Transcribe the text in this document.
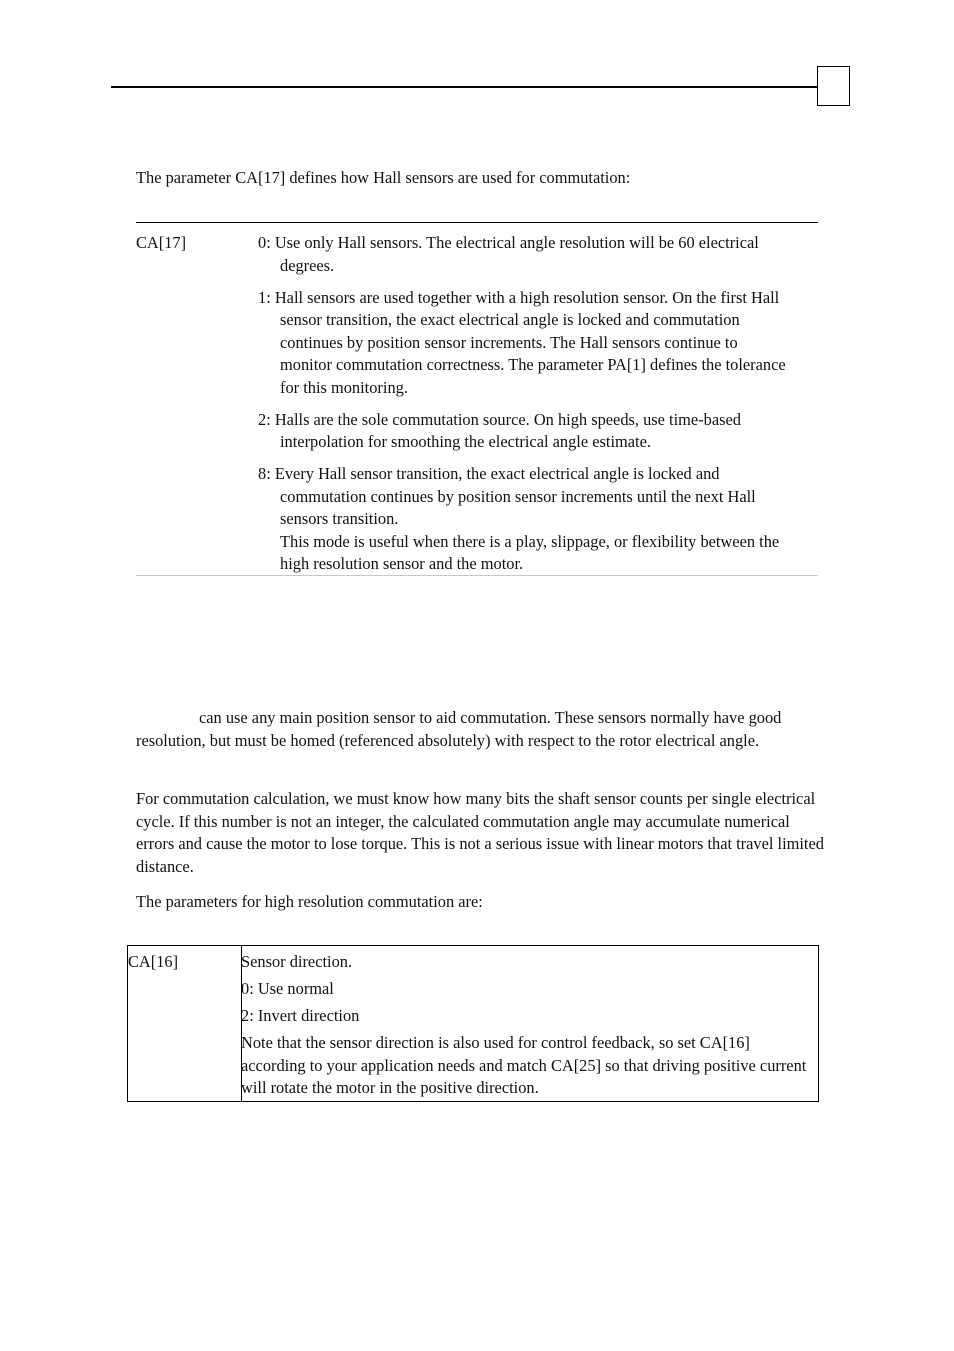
The parameter CA[17] defines how Hall sensors are used for commutation:

CA[17]	0: Use only Hall sensors. The electrical angle resolution will be 60 electrical degrees.

1: Hall sensors are used together with a high resolution sensor. On the first Hall sensor transition, the exact electrical angle is locked and commutation continues by position sensor increments. The Hall sensors continue to monitor commutation correctness. The parameter PA[1] defines the tolerance for this monitoring.

2: Halls are the sole commutation source. On high speeds, use time-based interpolation for smoothing the electrical angle estimate.

8: Every Hall sensor transition, the exact electrical angle is locked and commutation continues by position sensor increments until the next Hall sensors transition.

This mode is useful when there is a play, slippage, or flexibility between the high resolution sensor and the motor.

can use any main position sensor to aid commutation. These sensors normally have good resolution, but must be homed (referenced absolutely) with respect to the rotor electrical angle.

For commutation calculation, we must know how many bits the shaft sensor counts per single electrical cycle. If this number is not an integer, the calculated commutation angle may accumulate numerical errors and cause the motor to lose torque. This is not a serious issue with linear motors that travel limited distance.

The parameters for high resolution commutation are:

CA[16]	Sensor direction.

0: Use normal

2: Invert direction

Note that the sensor direction is also used for control feedback, so set CA[16] according to your application needs and match CA[25] so that driving positive current will rotate the motor in the positive direction.
